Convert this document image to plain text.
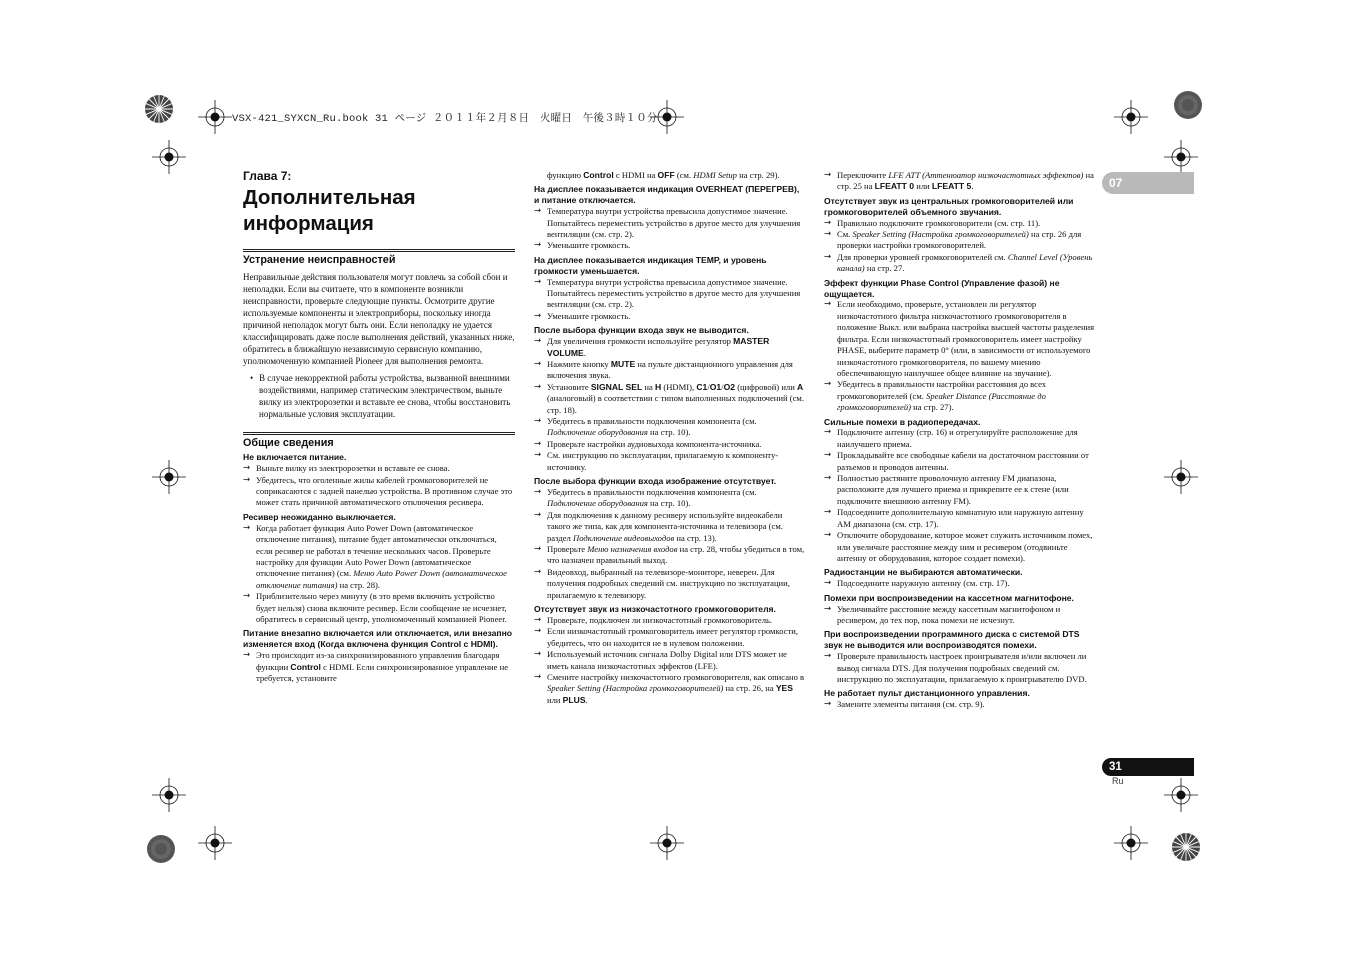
VSX-421_SYXCN_Ru.book 31 ページ ２０１１年２月８日　火曜日　午後３時１０分
07
31
Ru
Глава 7:
Дополнительная информация
Устранение неисправностей
Неправильные действия пользователя могут повлечь за собой сбои и неполадки. Если вы считаете, что в компоненте возникли неисправности, проверьте следующие пункты. Осмотрите другие используемые компоненты и электроприборы, поскольку иногда причиной неполадок могут быть они. Если неполадку не удается классифицировать даже после выполнения действий, указанных ниже, обратитесь в ближайшую независимую сервисную компанию, уполномоченную компанией Pioneer для выполнения ремонта.
• В случае некорректной работы устройства, вызванной внешними воздействиями, например статическим электричеством, выньте вилку из электророзетки и вставьте ее снова, чтобы восстановить нормальные условия эксплуатации.
Общие сведения
Не включается питание.
→ Выньте вилку из электророзетки и вставьте ее снова.
→ Убедитесь, что оголенные жилы кабелей громкоговорителей не соприкасаются с задней панелью устройства. В противном случае это может стать причиной автоматического отключения ресивера.
Ресивер неожиданно выключается.
→ Когда работает функция Auto Power Down (автоматическое отключение питания), питание будет автоматически отключаться, если ресивер не работал в течение нескольких часов. Проверьте настройку для функции Auto Power Down (автоматическое отключение питания) (см. Меню Auto Power Down (автоматическое отключение питания) на стр. 28).
→ Приблизительно через минуту (в это время включить устройство будет нельзя) снова включите ресивер. Если сообщение не исчезнет, обратитесь в сервисный центр, уполномоченный компанией Pioneer.
Питание внезапно включается или отключается, или внезапно изменяется вход (Когда включена функция Control с HDMI).
→ Это происходит из-за синхронизированного управления благодаря функции Control с HDMI. Если синхронизированное управление не требуется, установите
функцию Control с HDMI на OFF (см. HDMI Setup на стр. 29).
На дисплее показывается индикация OVERHEAT (ПЕРЕГРЕВ), и питание отключается.
→ Температура внутри устройства превысила допустимое значение. Попытайтесь переместить устройство в другое место для улучшения вентиляции (см. стр. 2).
→ Уменьшите громкость.
На дисплее показывается индикация TEMP, и уровень громкости уменьшается.
→ Температура внутри устройства превысила допустимое значение. Попытайтесь переместить устройство в другое место для улучшения вентиляции (см. стр. 2).
→ Уменьшите громкость.
После выбора функции входа звук не выводится.
→ Для увеличения громкости используйте регулятор MASTER VOLUME.
→ Нажмите кнопку MUTE на пульте дистанционного управления для включения звука.
→ Установите SIGNAL SEL на H (HDMI), C1/O1/O2 (цифровой) или A (аналоговый) в соответствии с типом выполненных подключений (см. стр. 18).
→ Убедитесь в правильности подключения компонента (см. Подключение оборудования на стр. 10).
→ Проверьте настройки аудиовыхода компонента-источника.
→ См. инструкцию по эксплуатации, прилагаемую к компоненту-источнику.
После выбора функции входа изображение отсутствует.
→ Убедитесь в правильности подключения компонента (см. Подключение оборудования на стр. 10).
→ Для подключения к данному ресиверу используйте видеокабели такого же типа, как для компонента-источника и телевизора (см. раздел Подключение видеовыходов на стр. 13).
→ Проверьте Меню назначения входов на стр. 28, чтобы убедиться в том, что назначен правильный выход.
→ Видеовход, выбранный на телевизоре-мониторе, неверен. Для получения подробных сведений см. инструкцию по эксплуатации, прилагаемую к телевизору.
Отсутствует звук из низкочастотного громкоговорителя.
→ Проверьте, подключен ли низкочастотный громкоговоритель.
→ Если низкочастотный громкоговоритель имеет регулятор громкости, убедитесь, что он находится не в нулевом положении.
→ Используемый источник сигнала Dolby Digital или DTS может не иметь канала низкочастотных эффектов (LFE).
→ Смените настройку низкочастотного громкоговорителя, как описано в Speaker Setting (Настройка громкоговорителей) на стр. 26, на YES или PLUS.
→ Переключите LFE ATT (Аттенюатор низкочастотных эффектов) на стр. 25 на LFEATT 0 или LFEATT 5.
Отсутствует звук из центральных громкоговорителей или громкоговорителей объемного звучания.
→ Правильно подключите громкоговорители (см. стр. 11).
→ См. Speaker Setting (Настройка громкоговорителей) на стр. 26 для проверки настройки громкоговорителей.
→ Для проверки уровней громкоговорителей см. Channel Level (Уровень канала) на стр. 27.
Эффект функции Phase Control (Управление фазой) не ощущается.
→ Если необходимо, проверьте, установлен ли регулятор низкочастотного фильтра низкочастотного громкоговорителя в положение Выкл. или выбрана настройка высшей частоты разделения фильтра. Если низкочастотный громкоговоритель имеет настройку PHASE, выберите параметр 0° (или, в зависимости от используемого низкочастотного громкоговорителя, по вашему мнению обеспечивающую наилучшее общее влияние на звучание).
→ Убедитесь в правильности настройки расстояния до всех громкоговорителей (см. Speaker Distance (Расстояние до громкоговорителей) на стр. 27).
Сильные помехи в радиопередачах.
→ Подключите антенну (стр. 16) и отрегулируйте расположение для наилучшего приема.
→ Прокладывайте все свободные кабели на достаточном расстоянии от разъемов и проводов антенны.
→ Полностью растяните проволочную антенну FM диапазона, расположите для лучшего приема и прикрепите ее к стене (или подключите внешнюю антенну FM).
→ Подсоедините дополнительную комнатную или наружную антенну AM диапазона (см. стр. 17).
→ Отключите оборудование, которое может служить источником помех, или увеличьте расстояние между ним и ресивером (отодвиньте антенну от оборудования, которое создает помехи).
Радиостанции не выбираются автоматически.
→ Подсоедините наружную антенну (см. стр. 17).
Помехи при воспроизведении на кассетном магнитофоне.
→ Увеличивайте расстояние между кассетным магнитофоном и ресивером, до тех пор, пока помехи не исчезнут.
При воспроизведении программного диска с системой DTS звук не выводится или воспроизводятся помехи.
→ Проверьте правильность настроек проигрывателя и/или включен ли вывод сигнала DTS. Для получения подробных сведений см. инструкцию по эксплуатации, прилагаемую к проигрывателю DVD.
Не работает пульт дистанционного управления.
→ Замените элементы питания (см. стр. 9).
